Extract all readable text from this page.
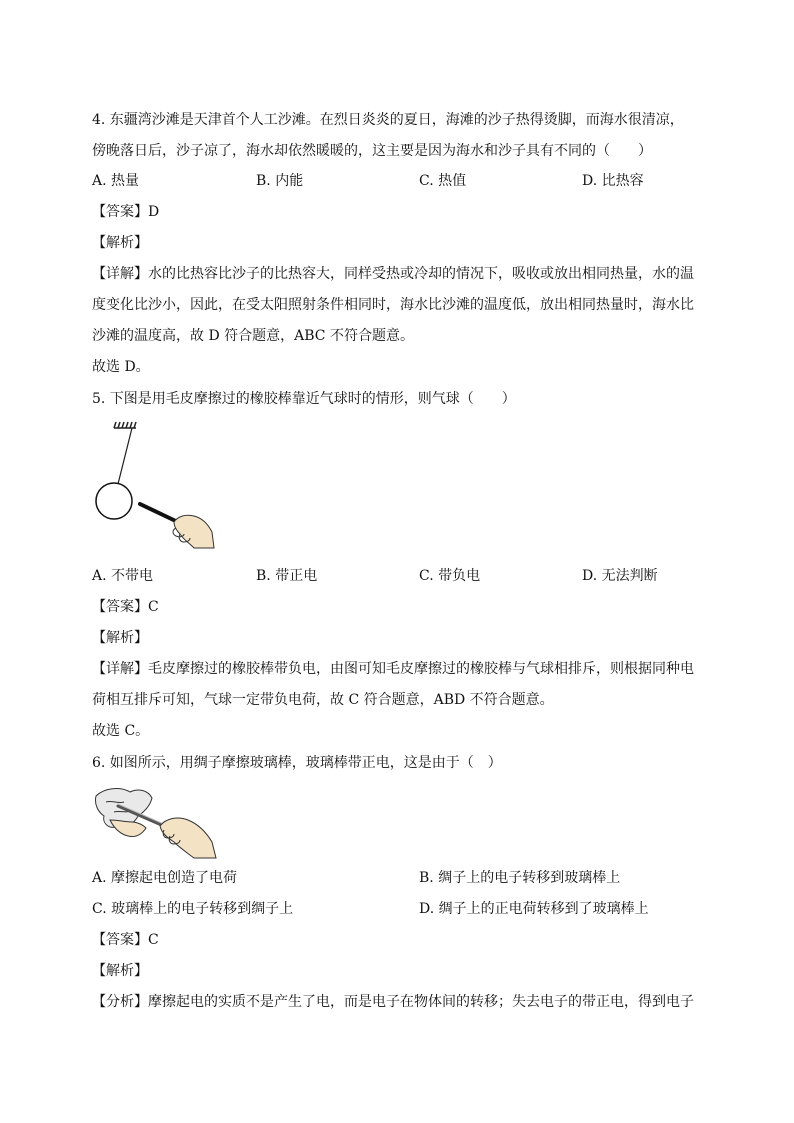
4. 东疆湾沙滩是天津首个人工沙滩。在烈日炎炎的夏日，海滩的沙子热得烫脚，而海水很清凉，
傍晚落日后，沙子凉了，海水却依然暖暖的，这主要是因为海水和沙子具有不同的（　　）
A. 热量	B. 内能	C. 热值	D. 比热容
【答案】D
【解析】
【详解】水的比热容比沙子的比热容大，同样受热或冷却的情况下，吸收或放出相同热量，水的温
度变化比沙小，因此，在受太阳照射条件相同时，海水比沙滩的温度低，放出相同热量时，海水比
沙滩的温度高，故 D 符合题意，ABC 不符合题意。
故选 D。
5. 下图是用毛皮摩擦过的橡胶棒靠近气球时的情形，则气球（　　）
A. 不带电	B. 带正电	C. 带负电	D. 无法判断
【答案】C
【解析】
【详解】毛皮摩擦过的橡胶棒带负电，由图可知毛皮摩擦过的橡胶棒与气球相排斥，则根据同种电
荷相互排斥可知，气球一定带负电荷，故 C 符合题意，ABD 不符合题意。
故选 C。
6. 如图所示，用绸子摩擦玻璃棒，玻璃棒带正电，这是由于（　）
A. 摩擦起电创造了电荷	B. 绸子上的电子转移到玻璃棒上
C. 玻璃棒上的电子转移到绸子上	D. 绸子上的正电荷转移到了玻璃棒上
【答案】C
【解析】
【分析】摩擦起电的实质不是产生了电，而是电子在物体间的转移；失去电子的带正电，得到电子
